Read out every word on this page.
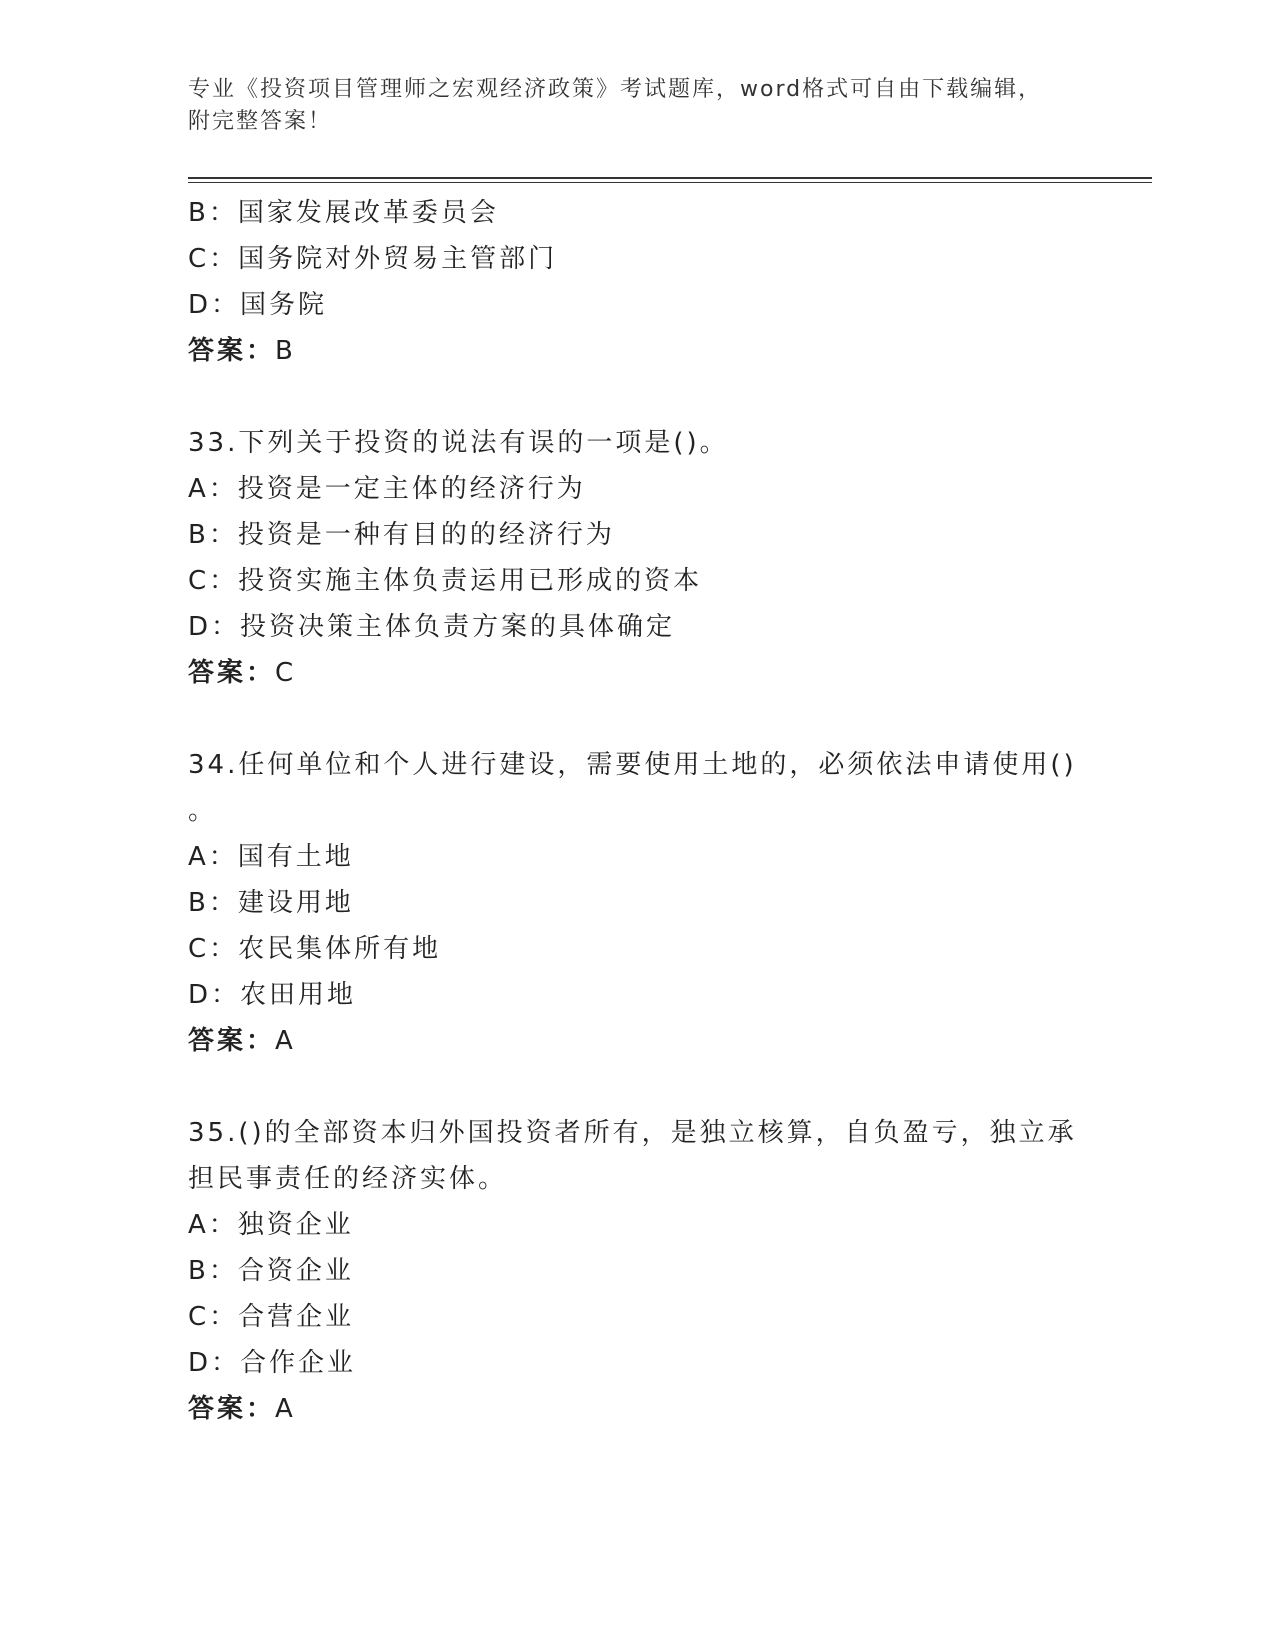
专业《投资项目管理师之宏观经济政策》考试题库，word格式可自由下载编辑，
附完整答案！
B：国家发展改革委员会
C：国务院对外贸易主管部门
D：国务院
答案：B
33.下列关于投资的说法有误的一项是()。
A：投资是一定主体的经济行为
B：投资是一种有目的的经济行为
C：投资实施主体负责运用已形成的资本
D：投资决策主体负责方案的具体确定
答案：C
34.任何单位和个人进行建设，需要使用土地的，必须依法申请使用()
。
A：国有土地
B：建设用地
C：农民集体所有地
D：农田用地
答案：A
35.()的全部资本归外国投资者所有，是独立核算，自负盈亏，独立承
担民事责任的经济实体。
A：独资企业
B：合资企业
C：合营企业
D：合作企业
答案：A
